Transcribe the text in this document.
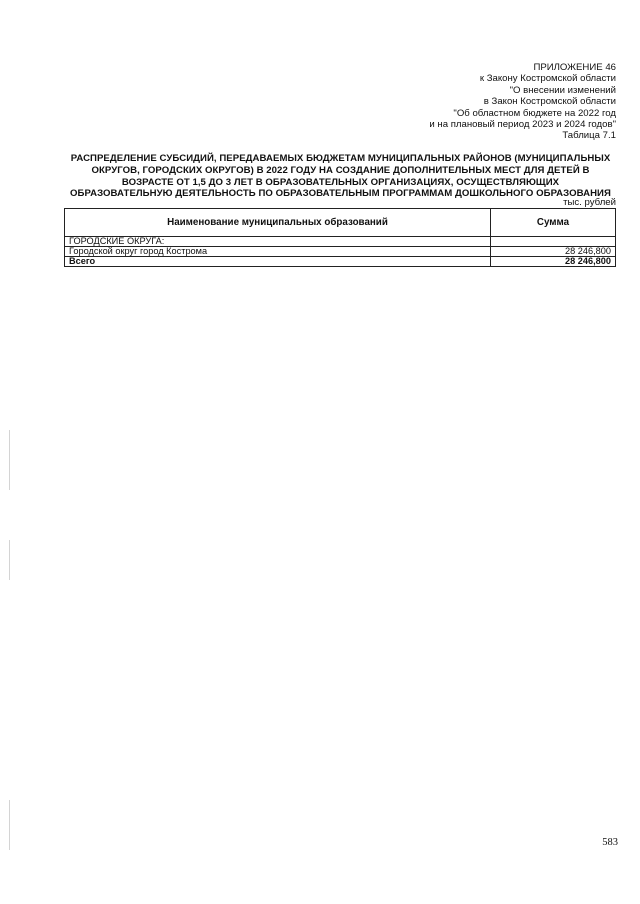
ПРИЛОЖЕНИЕ 46
к Закону Костромской области
"О внесении изменений
в Закон Костромской области
"Об областном бюджете на 2022 год
и на плановый период 2023 и 2024 годов"
Таблица 7.1
РАСПРЕДЕЛЕНИЕ СУБСИДИЙ, ПЕРЕДАВАЕМЫХ БЮДЖЕТАМ МУНИЦИПАЛЬНЫХ РАЙОНОВ (МУНИЦИПАЛЬНЫХ
ОКРУГОВ, ГОРОДСКИХ ОКРУГОВ) В 2022 ГОДУ НА СОЗДАНИЕ ДОПОЛНИТЕЛЬНЫХ МЕСТ ДЛЯ ДЕТЕЙ В
ВОЗРАСТЕ ОТ 1,5 ДО 3 ЛЕТ В ОБРАЗОВАТЕЛЬНЫХ ОРГАНИЗАЦИЯХ, ОСУЩЕСТВЛЯЮЩИХ
ОБРАЗОВАТЕЛЬНУЮ ДЕЯТЕЛЬНОСТЬ ПО ОБРАЗОВАТЕЛЬНЫМ ПРОГРАММАМ ДОШКОЛЬНОГО ОБРАЗОВАНИЯ
тыс. рублей
Наименование муниципальных образований	Сумма
ГОРОДСКИЕ ОКРУГА:	
Городской округ город Кострома	28 246,800
Всего	28 246,800
583
